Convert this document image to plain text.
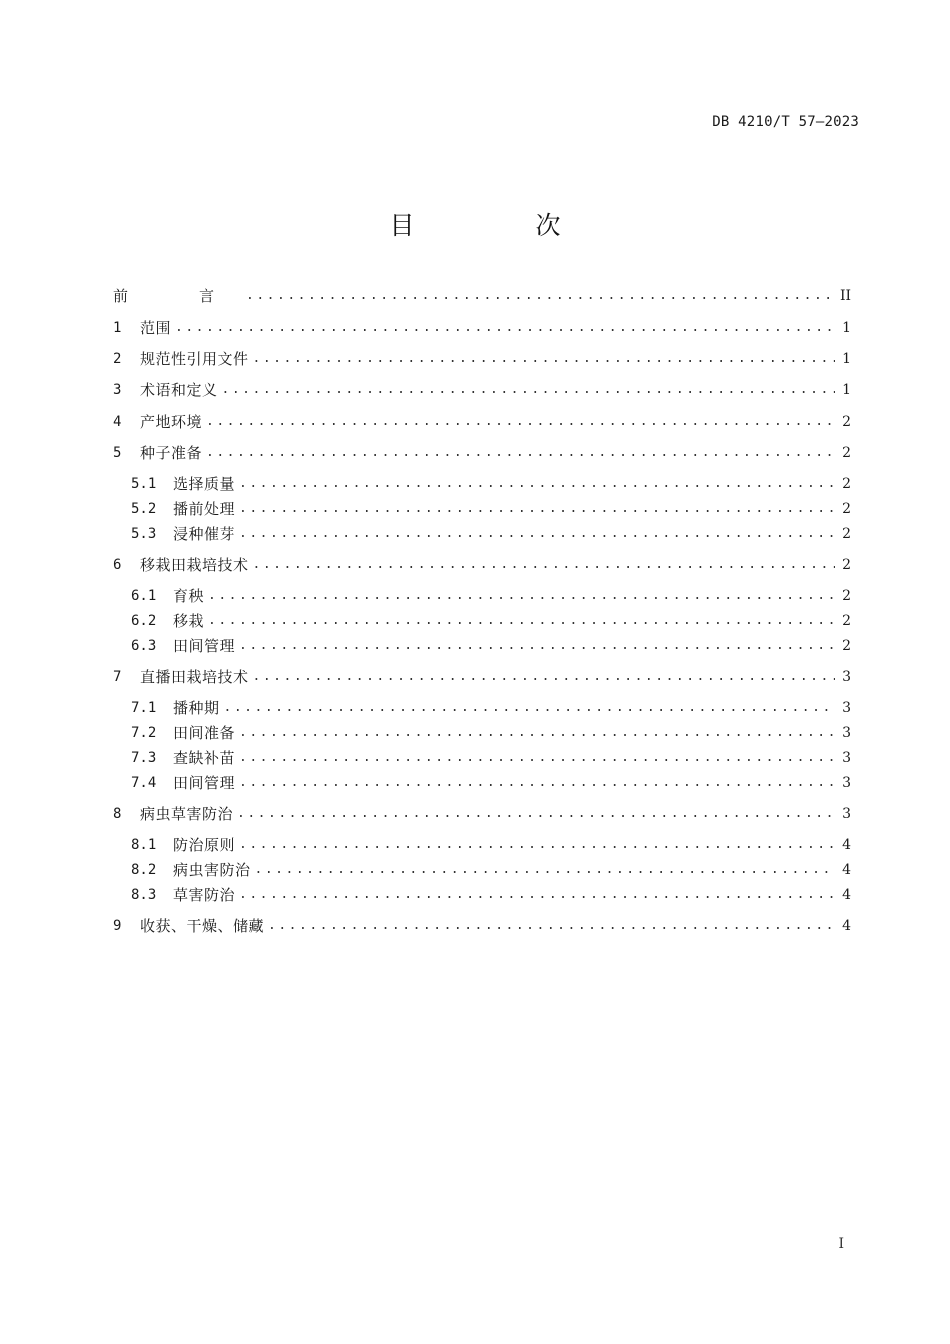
DB 4210/T 57—2023
目　次
前　言 .....	II
1	范围 .....	1
2	规范性引用文件 .....	1
3	术语和定义 .....	1
4	产地环境 .....	2
5	种子准备 .....	2
5.1	选择质量 .....	2
5.2	播前处理 .....	2
5.3	浸种催芽 .....	2
6	移栽田栽培技术 .....	2
6.1	育秧 .....	2
6.2	移栽 .....	2
6.3	田间管理 .....	2
7	直播田栽培技术 .....	3
7.1	播种期 .....	3
7.2	田间准备 .....	3
7.3	查缺补苗 .....	3
7.4	田间管理 .....	3
8	病虫草害防治 .....	3
8.1	防治原则 .....	4
8.2	病虫害防治 .....	4
8.3	草害防治 .....	4
9	收获、干燥、储藏 .....	4
I
